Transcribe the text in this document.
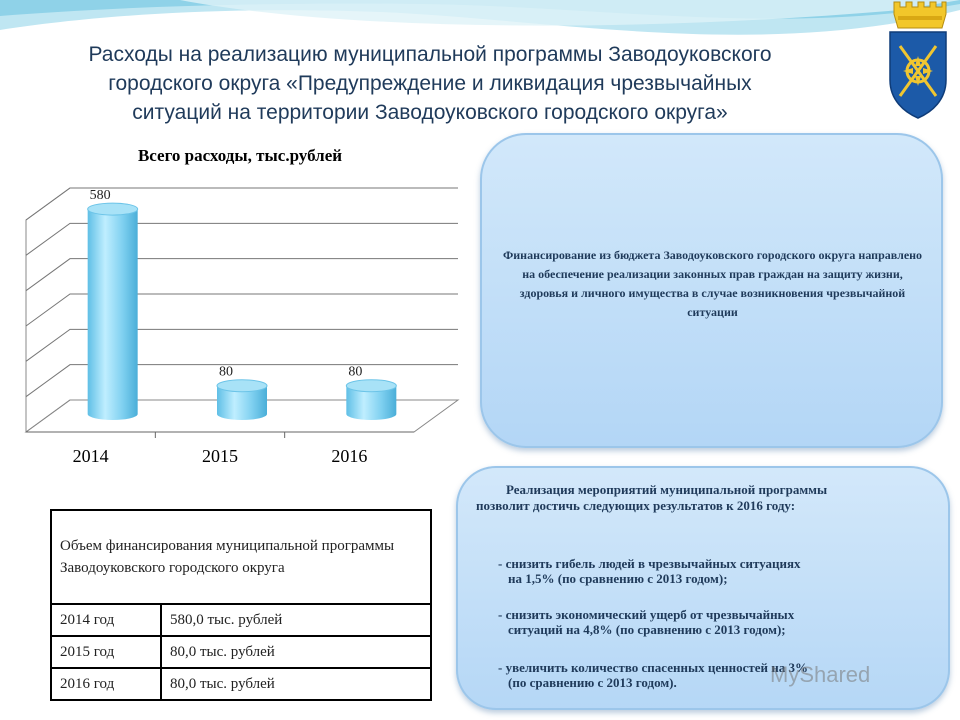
Расходы на реализацию муниципальной программы Заводоуковского
городского округа «Предупреждение и ликвидация чрезвычайных
ситуаций на территории Заводоуковского городского округа»
Всего расходы, тыс.рублей
580
2014
80
2015
80
2016
Финансирование из бюджета Заводоуковского городского округа направлено на обеспечение реализации законных прав граждан на защиту жизни, здоровья и личного имущества в случае возникновения чрезвычайной ситуации
Объем финансирования муниципальной программы Заводоуковского городского округа	
2014 год	580,0 тыс. рублей
2015 год	80,0 тыс. рублей
2016 год	80,0 тыс. рублей

Реализация мероприятий муниципальной программы позволит достичь следующих результатов к 2016 году:

- снизить гибель людей в чрезвычайных ситуациях

на 1,5% (по сравнению с 2013 годом);

- снизить экономический ущерб от чрезвычайных

ситуаций на 4,8% (по сравнению с 2013 годом);

- увеличить количество спасенных ценностей на 3%

(по сравнению с 2013 годом).	MyShared
